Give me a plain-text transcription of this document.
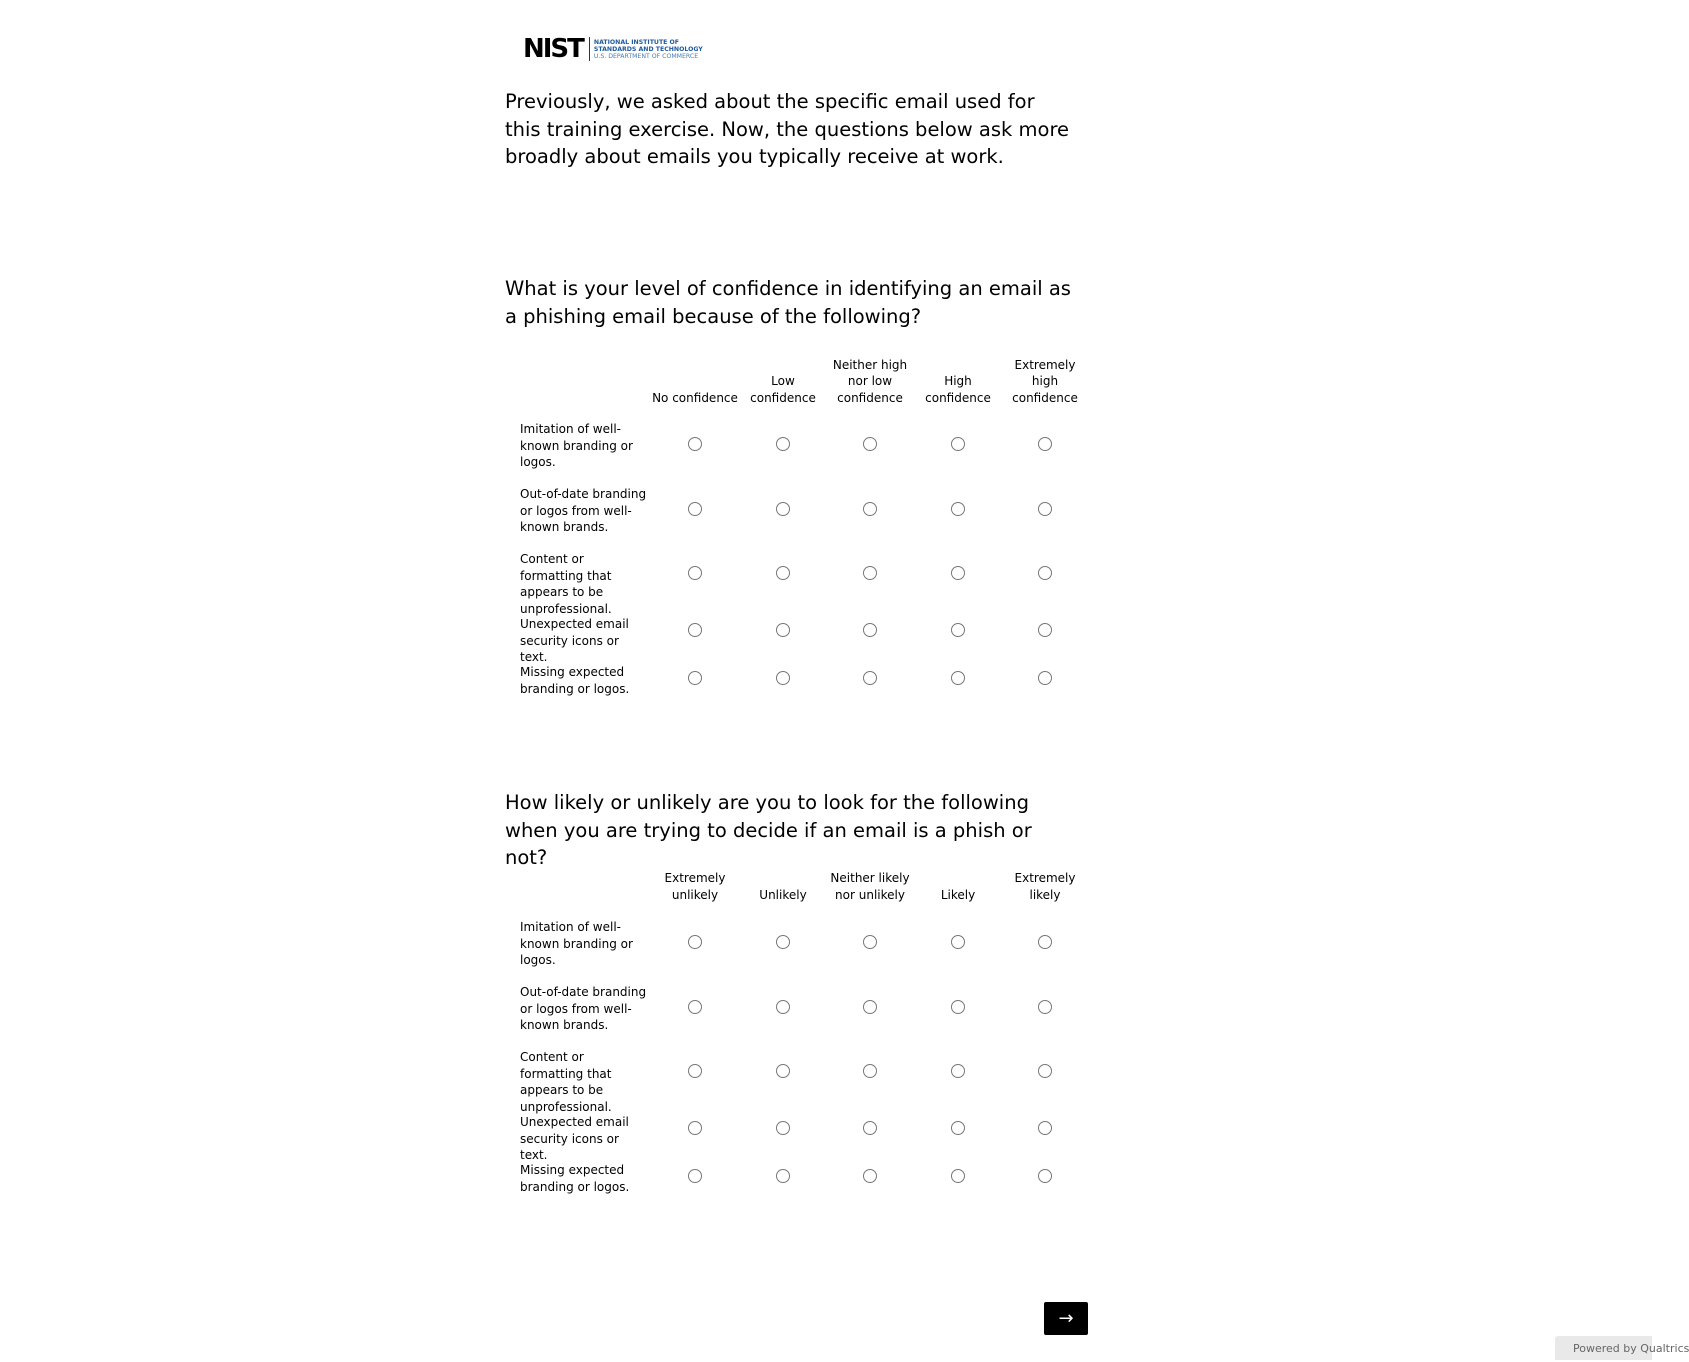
NIST NATIONAL INSTITUTE OF
STANDARDS AND TECHNOLOGY
U.S. DEPARTMENT OF COMMERCE
Previously, we asked about the specific email used for this training exercise. Now, the questions below ask more broadly about emails you typically receive at work.
What is your level of confidence in identifying an email as a phishing email because of the following?
No confidence
Low confidence
Neither high nor low confidence
High confidence
Extremely high confidence
Imitation of well-known branding or logos.
Out-of-date branding or logos from well-known brands.
Content or formatting that appears to be unprofessional.
Unexpected email security icons or text.
Missing expected branding or logos.
How likely or unlikely are you to look for the following when you are trying to decide if an email is a phish or not?
Extremely unlikely	Unlikely
Neither likely nor unlikely	Likely
Extremely likely
Imitation of well-known branding or logos.
Out-of-date branding or logos from well-known brands.
Content or formatting that appears to be unprofessional.
Unexpected email security icons or text.
Missing expected branding or logos.
→
Powered by Qualtrics
